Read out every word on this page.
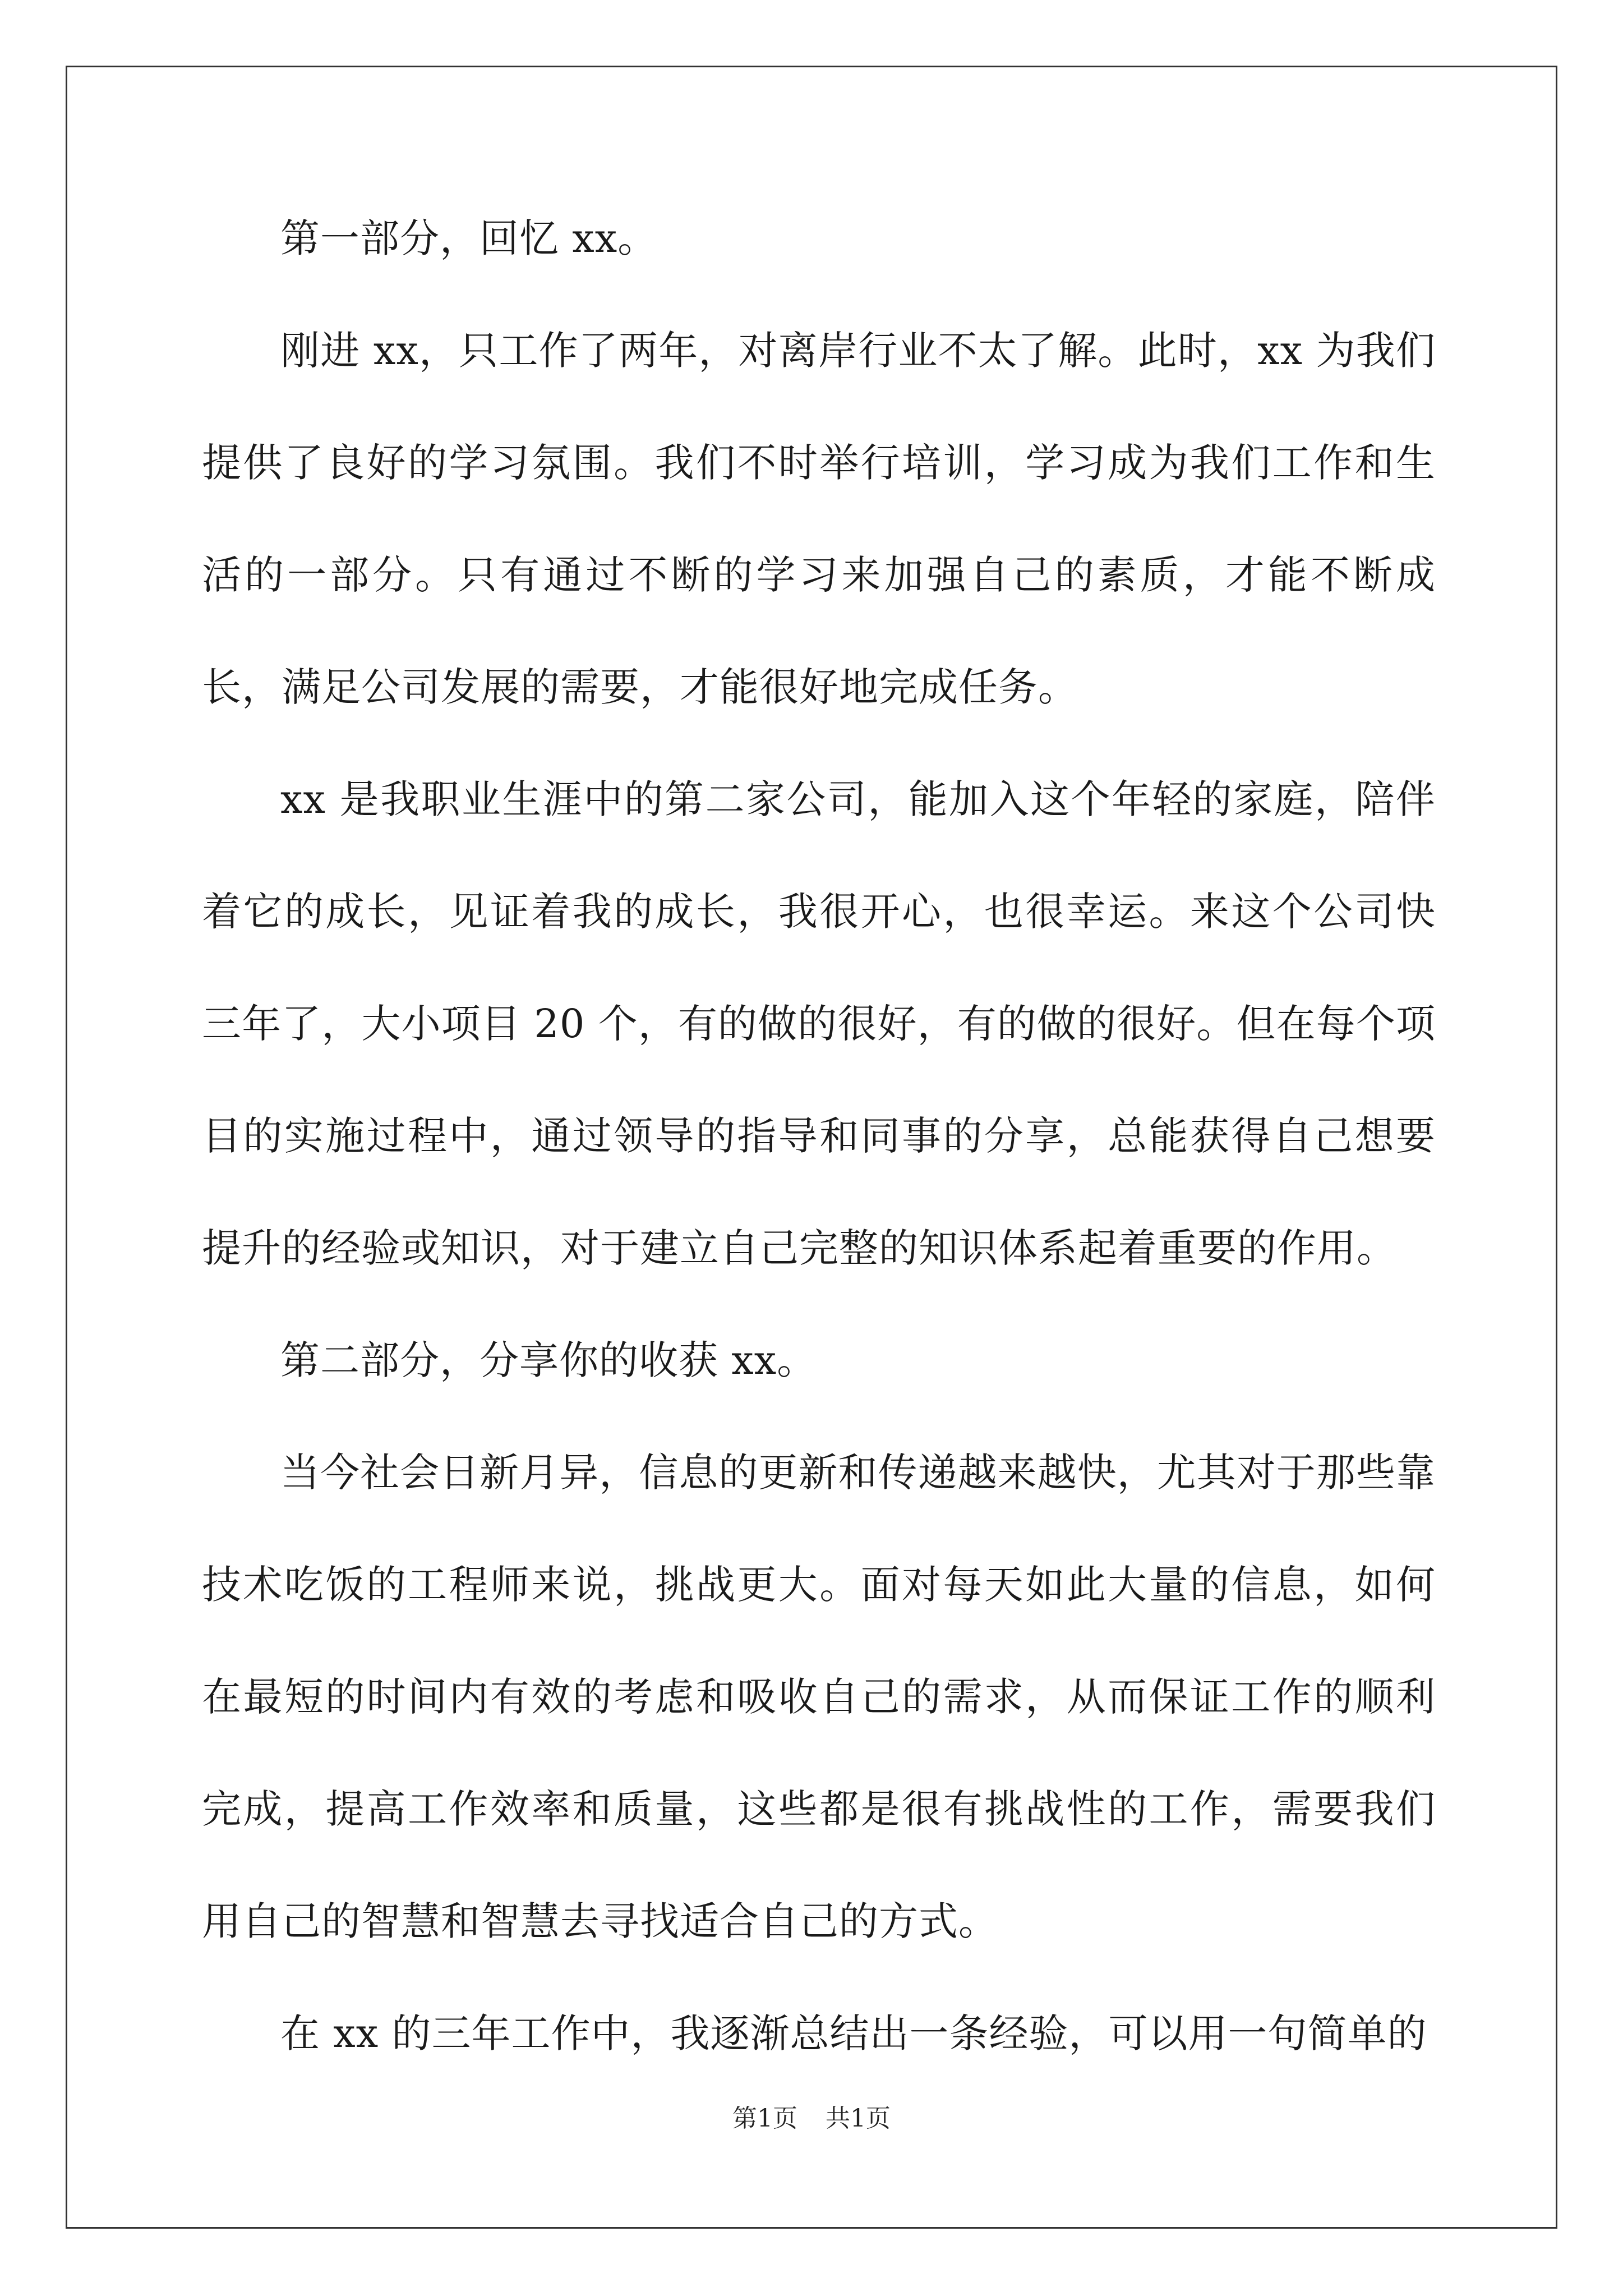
第一部分，回忆 xx。

刚进 xx，只工作了两年，对离岸行业不太了解。此时，xx 为我们提供了良好的学习氛围。我们不时举行培训，学习成为我们工作和生活的一部分。只有通过不断的学习来加强自己的素质，才能不断成长，满足公司发展的需要，才能很好地完成任务。

xx 是我职业生涯中的第二家公司，能加入这个年轻的家庭，陪伴着它的成长，见证着我的成长，我很开心，也很幸运。来这个公司快三年了，大小项目 20 个，有的做的很好，有的做的很好。但在每个项目的实施过程中，通过领导的指导和同事的分享，总能获得自己想要提升的经验或知识，对于建立自己完整的知识体系起着重要的作用。

第二部分，分享你的收获 xx。

当今社会日新月异，信息的更新和传递越来越快，尤其对于那些靠技术吃饭的工程师来说，挑战更大。面对每天如此大量的信息，如何在最短的时间内有效的考虑和吸收自己的需求，从而保证工作的顺利完成，提高工作效率和质量，这些都是很有挑战性的工作，需要我们用自己的智慧和智慧去寻找适合自己的方式。

在 xx 的三年工作中，我逐渐总结出一条经验，可以用一句简单的

第1页 共1页
